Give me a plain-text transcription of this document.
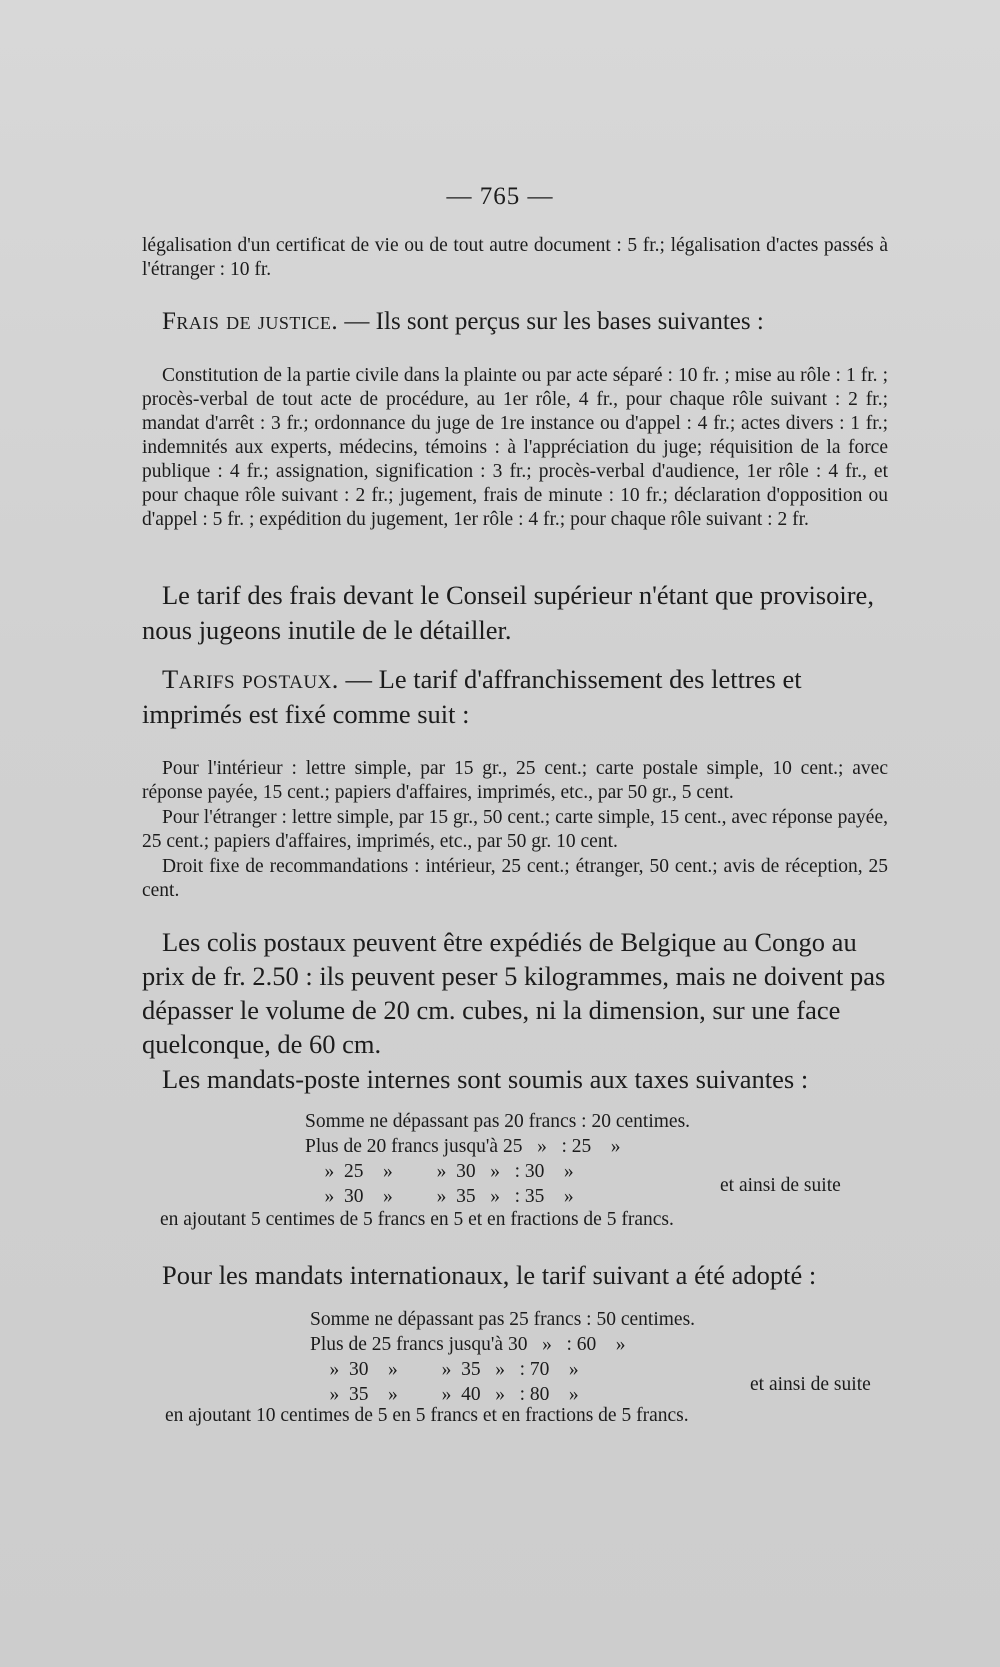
— 765 —

légalisation d'un certificat de vie ou de tout autre document : 5 fr.; légalisation d'actes passés à l'étranger : 10 fr.

Frais de justice. — Ils sont perçus sur les bases suivantes :

Constitution de la partie civile dans la plainte ou par acte séparé : 10 fr. ; mise au rôle : 1 fr. ; procès-verbal de tout acte de procédure, au 1er rôle, 4 fr., pour chaque rôle suivant : 2 fr.; mandat d'arrêt : 3 fr.; ordonnance du juge de 1re instance ou d'appel : 4 fr.; actes divers : 1 fr.; indemnités aux experts, médecins, témoins : à l'appréciation du juge; réquisition de la force publique : 4 fr.; assignation, signification : 3 fr.; procès-verbal d'audience, 1er rôle : 4 fr., et pour chaque rôle suivant : 2 fr.; jugement, frais de minute : 10 fr.; déclaration d'opposition ou d'appel : 5 fr. ; expédition du jugement, 1er rôle : 4 fr.; pour chaque rôle suivant : 2 fr.

Le tarif des frais devant le Conseil supérieur n'étant que provisoire, nous jugeons inutile de le détailler.

Tarifs postaux. — Le tarif d'affranchissement des lettres et imprimés est fixé comme suit :

Pour l'intérieur : lettre simple, par 15 gr., 25 cent.; carte postale simple, 10 cent.; avec réponse payée, 15 cent.; papiers d'affaires, imprimés, etc., par 50 gr., 5 cent.

Pour l'étranger : lettre simple, par 15 gr., 50 cent.; carte simple, 15 cent., avec réponse payée, 25 cent.; papiers d'affaires, imprimés, etc., par 50 gr. 10 cent.

Droit fixe de recommandations : intérieur, 25 cent.; étranger, 50 cent.; avis de réception, 25 cent.

Les colis postaux peuvent être expédiés de Belgique au Congo au prix de fr. 2.50 : ils peuvent peser 5 kilogrammes, mais ne doivent pas dépasser le volume de 20 cm. cubes, ni la dimension, sur une face quelconque, de 60 cm.

Les mandats-poste internes sont soumis aux taxes suivantes :

Somme ne dépassant pas 20 francs : 20 centimes.
Plus de 20 francs jusqu'à 25   »   : 25    »
»  25    »         »  30   »   : 30    »
»  30    »         »  35   »   : 35    »
et ainsi de suite
en ajoutant 5 centimes de 5 francs en 5 et en fractions de 5 francs.

Pour les mandats internationaux, le tarif suivant a été adopté :

Somme ne dépassant pas 25 francs : 50 centimes.
Plus de 25 francs jusqu'à 30   »   : 60    »
»  30    »         »  35   »   : 70    »
»  35    »         »  40   »   : 80    »	et ainsi de suite
en ajoutant 10 centimes de 5 en 5 francs et en fractions de 5 francs.
